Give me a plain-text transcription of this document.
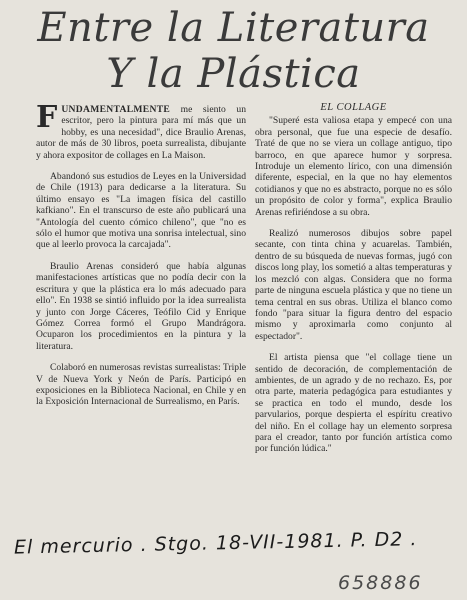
Entre la Literatura
Y la Plástica

FUNDAMENTALMENTE me siento un escritor, pero la pintura para mí más que un hobby, es una necesidad", dice Braulio Arenas, autor de más de 30 libros, poeta surrealista, dibujante y ahora expositor de collages en La Maison.

Abandonó sus estudios de Leyes en la Universidad de Chile (1913) para dedicarse a la literatura. Su último ensayo es "La imagen física del castillo kafkiano". En el transcurso de este año publicará una "Antología del cuento cómico chileno", que "no es sólo el humor que motiva una sonrisa intelectual, sino que al leerlo provoca la carcajada".

Braulio Arenas consideró que había algunas manifestaciones artísticas que no podía decir con la escritura y que la plástica era lo más adecuado para ello". En 1938 se sintió influido por la idea surrealista y junto con Jorge Cáceres, Teófilo Cid y Enrique Gómez Correa formó el Grupo Mandrágora. Ocuparon los procedimientos en la pintura y la literatura.

Colaboró en numerosas revistas surrealistas: Triple V de Nueva York y Neón de París. Participó en exposiciones en la Biblioteca Nacional, en Chile y en la Exposición Internacional de Surrealismo, en París.

EL COLLAGE

"Superé esta valiosa etapa y empecé con una obra personal, que fue una especie de desafío. Traté de que no se viera un collage antiguo, tipo barroco, en que aparece humor y sorpresa. Introduje un elemento lírico, con una dimensión diferente, especial, en la que no hay elementos cotidianos y que no es abstracto, porque no es sólo un propósito de color y forma", explica Braulio Arenas refiriéndose a su obra.

Realizó numerosos dibujos sobre papel secante, con tinta china y acuarelas. También, dentro de su búsqueda de nuevas formas, jugó con discos long play, los sometió a altas temperaturas y los mezcló con algas. Considera que no forma parte de ninguna escuela plástica y que no tiene un tema central en sus obras. Utiliza el blanco como fondo "para situar la figura dentro del espacio mismo y aproximarla como conjunto al espectador".

El artista piensa que "el collage tiene un sentido de decoración, de complementación de ambientes, de un agrado y de no rechazo. Es, por otra parte, materia pedagógica para estudiantes y se practica en todo el mundo, desde los parvularios, porque despierta el espíritu creativo del niño. En el collage hay un elemento sorpresa para el creador, tanto por función artística como por función lúdica."

El mercurio . Stgo. 18-VII-1981. P. D2 .
658886
